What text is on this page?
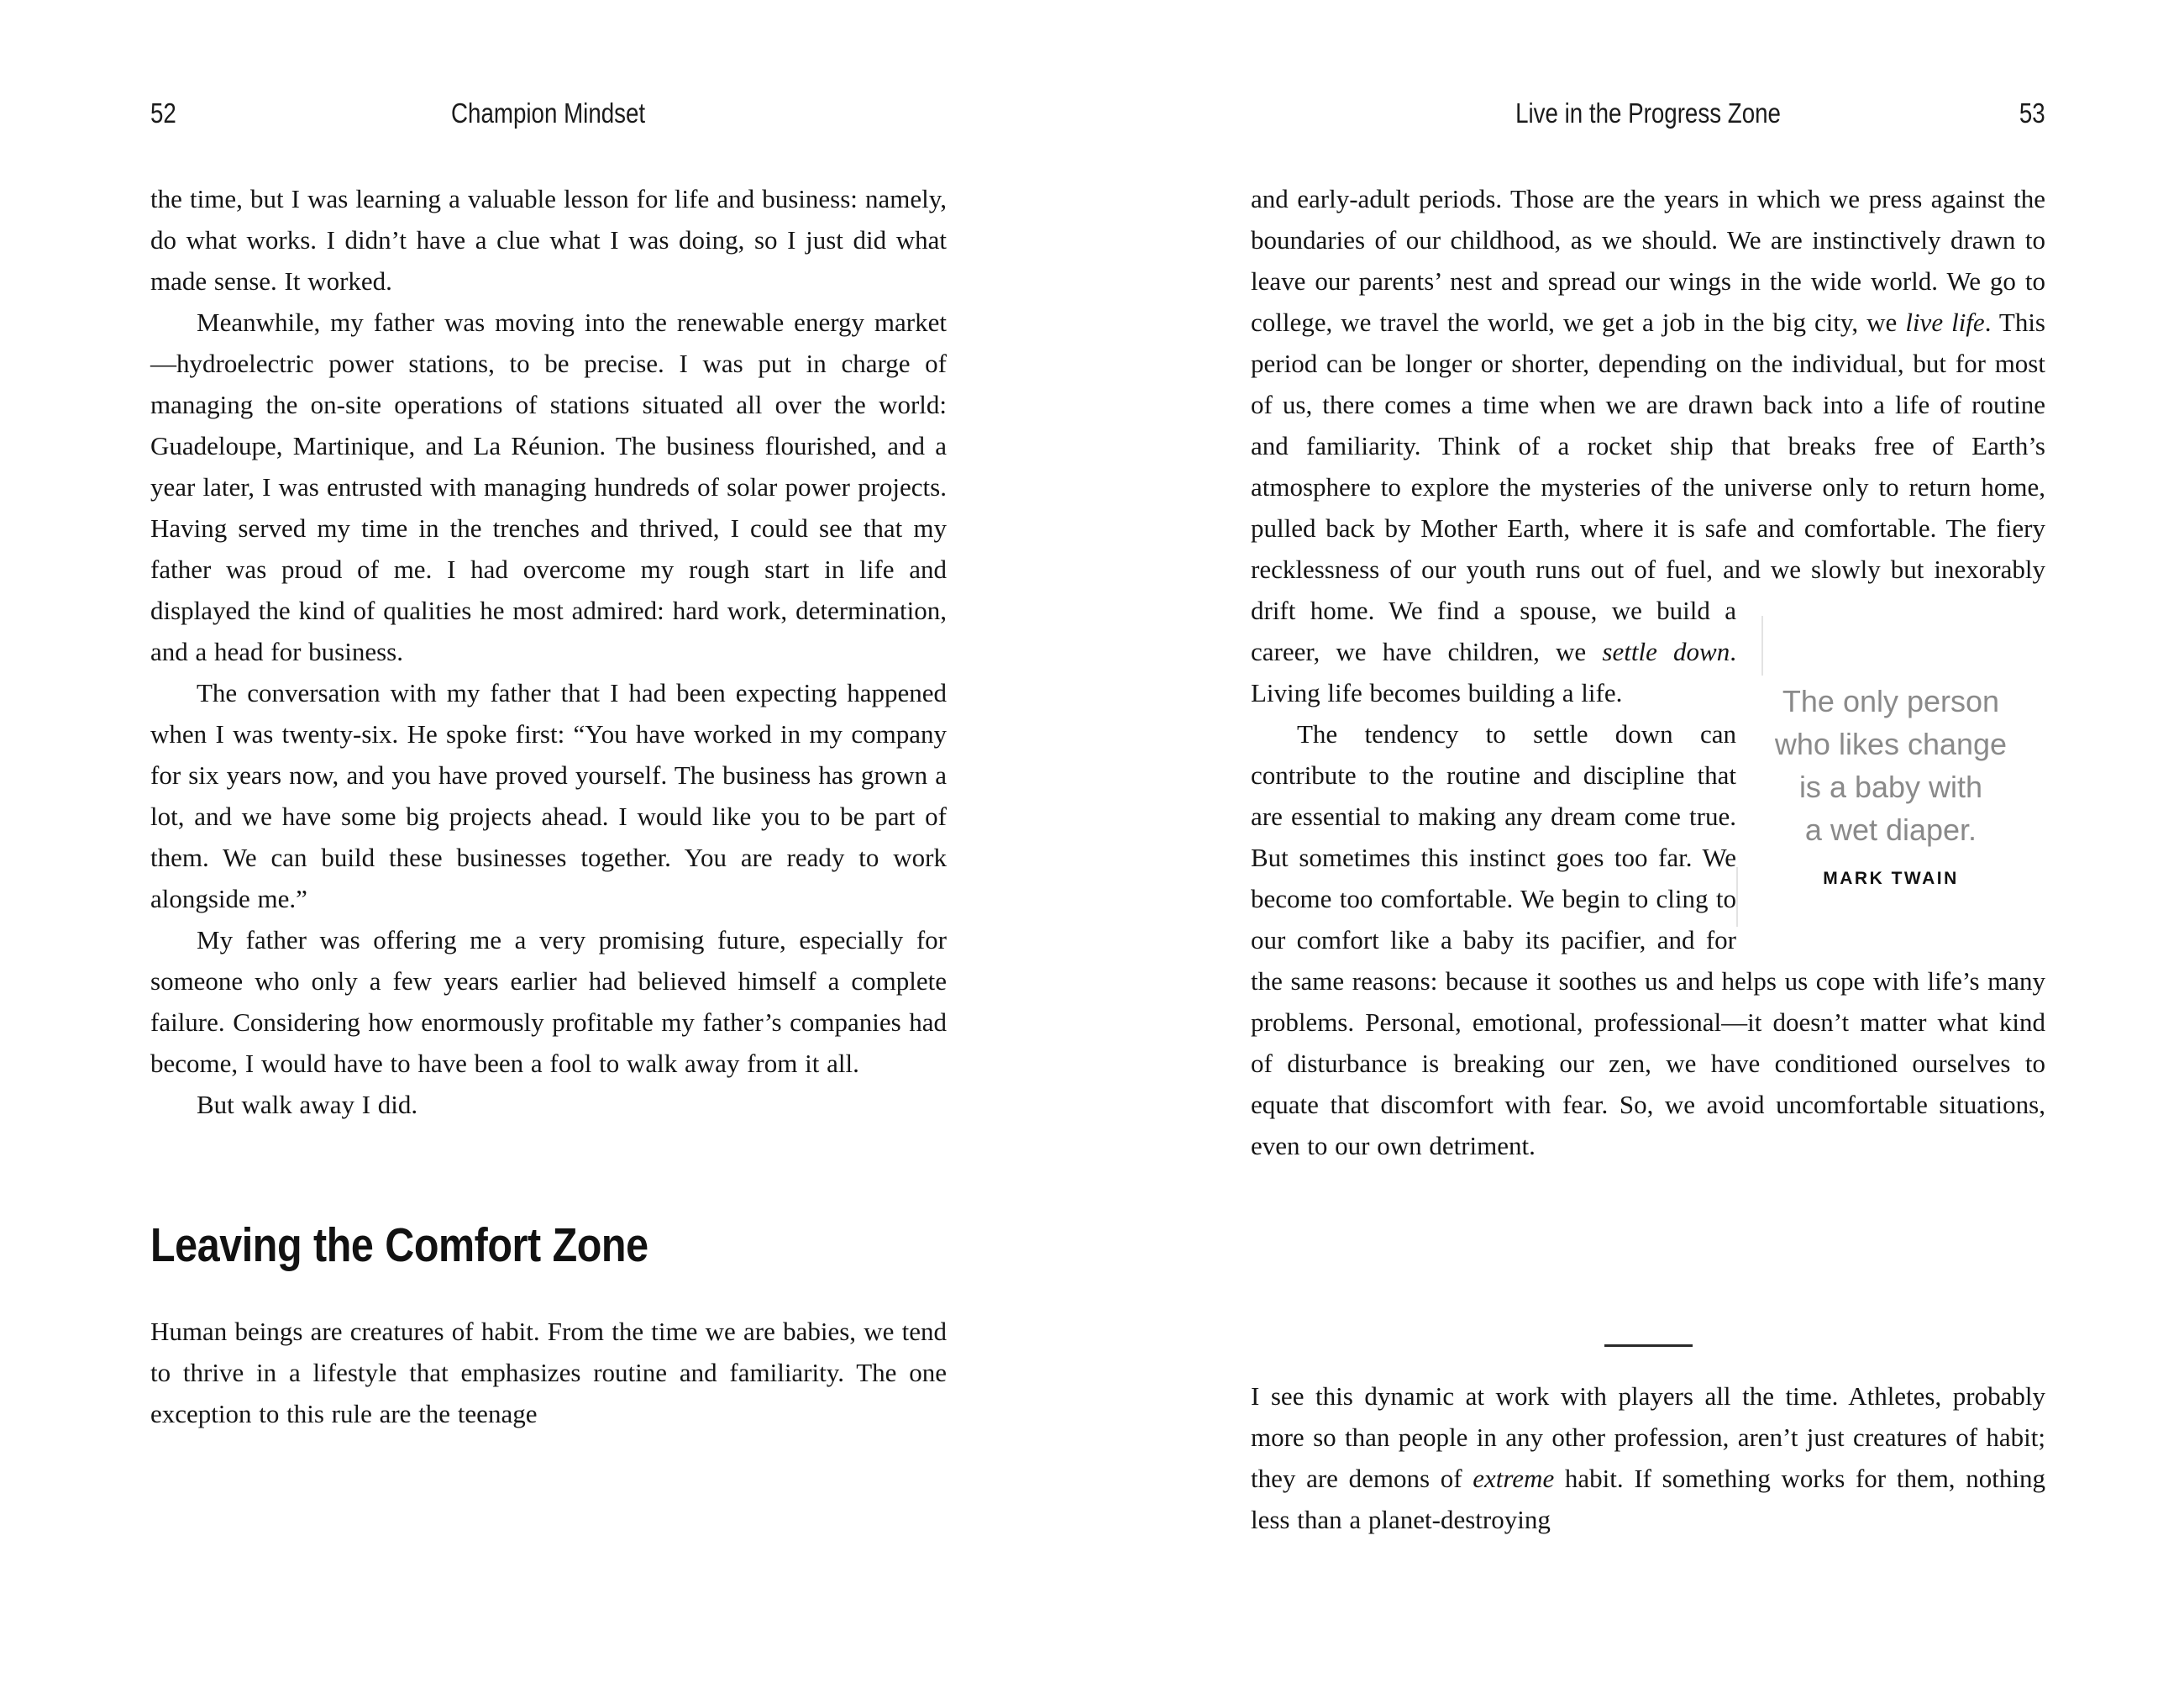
52	Champion Mindset

the time, but I was learning a valuable lesson for life and business: namely, do what works. I didn’t have a clue what I was doing, so I just did what made sense. It worked.

Meanwhile, my father was moving into the renewable energy market—hydroelectric power stations, to be precise. I was put in charge of managing the on-site operations of stations situated all over the world: Guadeloupe, Martinique, and La Réunion. The business flourished, and a year later, I was entrusted with managing hundreds of solar power projects. Having served my time in the trenches and thrived, I could see that my father was proud of me. I had overcome my rough start in life and displayed the kind of qualities he most admired: hard work, determination, and a head for business.

The conversation with my father that I had been expecting happened when I was twenty-six. He spoke first: “You have worked in my company for six years now, and you have proved yourself. The business has grown a lot, and we have some big projects ahead. I would like you to be part of them. We can build these businesses together. You are ready to work alongside me.”

My father was offering me a very promising future, especially for someone who only a few years earlier had believed himself a complete failure. Considering how enormously profitable my father’s companies had become, I would have to have been a fool to walk away from it all.

But walk away I did.

Leaving the Comfort Zone

Human beings are creatures of habit. From the time we are babies, we tend to thrive in a lifestyle that emphasizes routine and familiarity. The one exception to this rule are the teenage

Live in the Progress Zone	53

and early-adult periods. Those are the years in which we press against the boundaries of our childhood, as we should. We are instinctively drawn to leave our parents’ nest and spread our wings in the wide world. We go to college, we travel the world, we get a job in the big city, we live life. This period can be longer or shorter, depending on the individual, but for most of us, there comes a time when we are drawn back into a life of routine and familiarity. Think of a rocket ship that breaks free of Earth’s atmosphere to explore the mysteries of the universe only to return home, pulled back by Mother Earth, where it is safe and comfortable. The fiery recklessness of our youth runs out of fuel, and we slowly but inexorably drift home. We find a
The only person
who likes change
is a baby with
a wet diaper.
MARK TWAIN
spouse, we build a career, we have children, we settle down. Living life becomes building a life.

The tendency to settle down can contribute to the routine and discipline that are essential to making any dream come true. But sometimes this instinct goes too far. We become too comfortable. We begin to cling to our comfort like a baby its pacifier, and for the same reasons: because it soothes us and helps us cope with life’s many problems. Personal, emotional, professional—it doesn’t matter what kind of disturbance is breaking our zen, we have conditioned ourselves to equate that discomfort with fear. So, we avoid uncomfortable situations, even to our own detriment.

I see this dynamic at work with players all the time. Athletes, probably more so than people in any other profession, aren’t just creatures of habit; they are demons of extreme habit. If something works for them, nothing less than a planet-destroying
